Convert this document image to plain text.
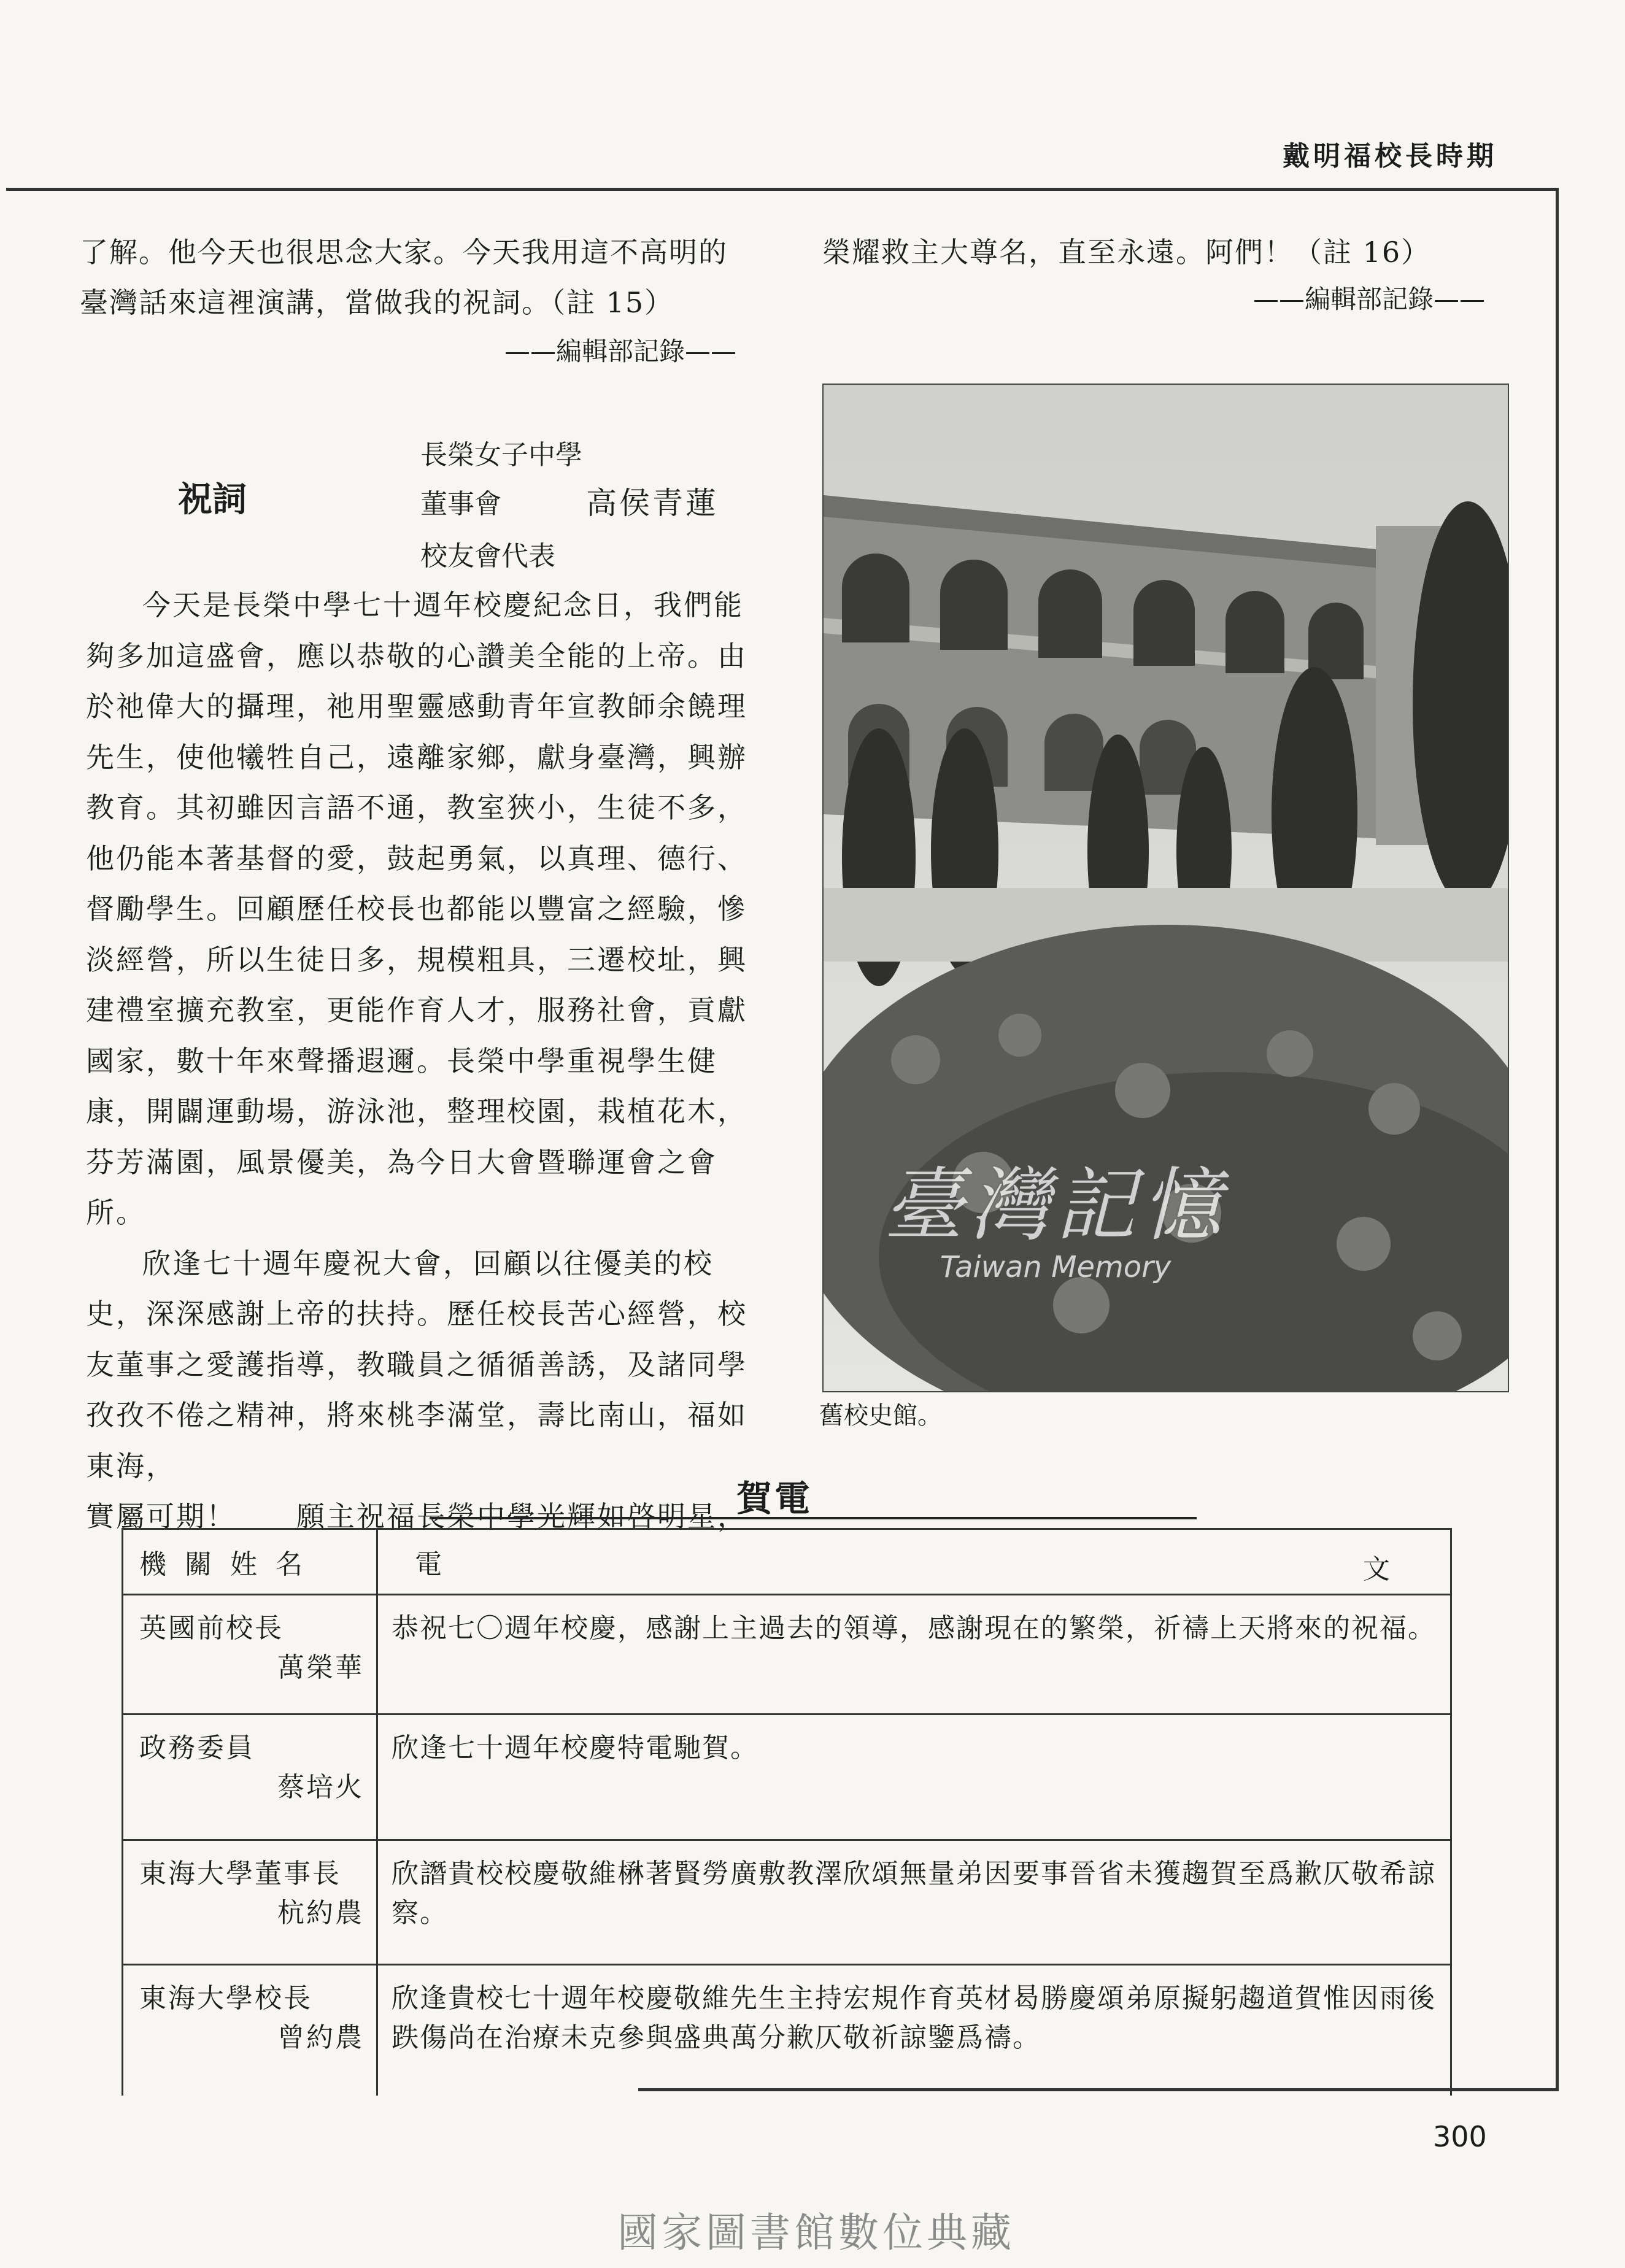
戴明福校長時期

了解。他今天也很思念大家。今天我用這不高明的

臺灣話來這裡演講，當做我的祝詞。（註 15）

——編輯部記錄——

榮耀救主大尊名，直至永遠。阿們！（註 16）

——編輯部記錄——
祝詞
長榮女子中學
董事會	高侯青蓮
校友會代表

今天是長榮中學七十週年校慶紀念日，我們能夠多加這盛會，應以恭敬的心讚美全能的上帝。由於祂偉大的攝理，祂用聖靈感動青年宣教師余饒理先生，使他犧牲自己，遠離家鄉，獻身臺灣，興辦教育。其初雖因言語不通，教室狹小，生徒不多，他仍能本著基督的愛，鼓起勇氣，以真理、德行、督勵學生。回顧歷任校長也都能以豐富之經驗，慘淡經營，所以生徒日多，規模粗具，三遷校址，興建禮室擴充教室，更能作育人才，服務社會，貢獻國家，數十年來聲播遐邇。長榮中學重視學生健康，開闢運動場，游泳池，整理校園，栽植花木，芬芳滿園，風景優美，為今日大會暨聯運會之會所。

欣逢七十週年慶祝大會，回顧以往優美的校史，深深感謝上帝的扶持。歷任校長苦心經營，校友董事之愛護指導，教職員之循循善誘，及諸同學孜孜不倦之精神，將來桃李滿堂，壽比南山，福如東海，

實屬可期！　　願主祝福長榮中學光輝如啓明星，

臺灣記憶
Taiwan Memory
舊校史館。
賀電
機 關 姓 名	電 文

英國前校長
萬榮華	恭祝七〇週年校慶，感謝上主過去的領導，感謝現在的繁榮，祈禱上天將來的祝福。

政務委員
蔡培火	欣逢七十週年校慶特電馳賀。

東海大學董事長
杭約農	欣譖貴校校慶敬維楙著賢勞廣敷教澤欣頌無量弟因要事晉省未獲趨賀至爲歉仄敬希諒察。

東海大學校長
曾約農	欣逢貴校七十週年校慶敬維先生主持宏規作育英材曷勝慶頌弟原擬躬趨道賀惟因雨後跌傷尚在治療未克參與盛典萬分歉仄敬祈諒鑒爲禱。
300
國家圖書館數位典藏
